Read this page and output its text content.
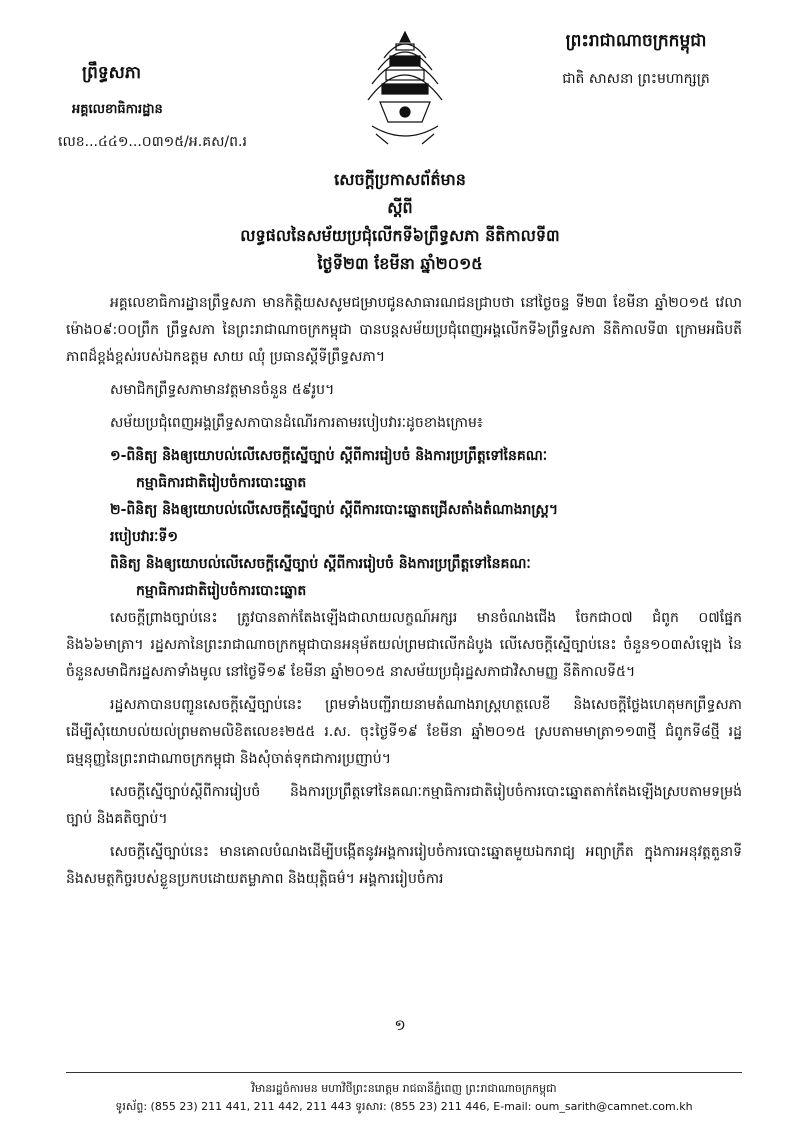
ព្រឹទ្ធសភា
អគ្គលេខាធិការដ្ឋាន
លេខ...៤៤១...០៣១៥/អ.គស/ព.រ
ព្រះរាជាណាចក្រកម្ពុជា
ជាតិ សាសនា ព្រះមហាក្សត្រ
សេចក្តីប្រកាសព័ត៌មាន
ស្តីពី
លទ្ធផលនៃសម័យប្រជុំលើកទី៦ព្រឹទ្ធសភា នីតិកាលទី៣
ថ្ងៃទី២៣ ខែមីនា ឆ្នាំ២០១៥

អគ្គលេខាធិការដ្ឋានព្រឹទ្ធសភា មានកិត្តិយសសូមជម្រាបជូនសាធារណជនជ្រាបថា នៅថ្ងៃចន្ទ ទី២៣ ខែមីនា ឆ្នាំ២០១៥ វេលាម៉ោង០៩:០០ព្រឹក ព្រឹទ្ធសភា នៃព្រះរាជាណាចក្រកម្ពុជា បានបន្តសម័យប្រជុំពេញអង្គលើកទី៦ព្រឹទ្ធសភា នីតិកាលទី៣ ក្រោមអធិបតីភាពដ៏ខ្ពង់ខ្ពស់របស់ឯកឧត្តម សាយ ឈុំ ប្រធានស្តីទីព្រឹទ្ធសភា។

សមាជិកព្រឹទ្ធសភាមានវត្តមានចំនួន ៥៩រូប។

សម័យប្រជុំពេញអង្គព្រឹទ្ធសភាបានដំណើរការតាមរបៀបវារៈដូចខាងក្រោម៖

១-ពិនិត្យ និងឲ្យយោបល់លើសេចក្តីស្នើច្បាប់ ស្តីពីការរៀបចំ និងការប្រព្រឹត្តទៅនៃគណៈ

កម្មាធិការជាតិរៀបចំការបោះឆ្នោត

២-ពិនិត្យ និងឲ្យយោបល់លើសេចក្តីស្នើច្បាប់ ស្តីពីការបោះឆ្នោតជ្រើសតាំងតំណាងរាស្ត្រ។

របៀបវារៈទី១

ពិនិត្យ និងឲ្យយោបល់លើសេចក្តីស្នើច្បាប់ ស្តីពីការរៀបចំ និងការប្រព្រឹត្តទៅនៃគណៈ

កម្មាធិការជាតិរៀបចំការបោះឆ្នោត

សេចក្តីព្រាងច្បាប់នេះ ត្រូវបានតាក់តែងឡើងជាលាយលក្ខណ៍អក្សរ មានចំណងជើង ចែកជា០៧ ជំពូក ០៧ផ្នែក និង៦៦មាត្រា។ រដ្ឋសភានៃព្រះរាជាណាចក្រកម្ពុជាបានអនុម័តយល់ព្រមជាលើកដំបូង លើសេចក្តីស្នើច្បាប់នេះ ចំនួន១០៣សំឡេង នៃចំនួនសមាជិករដ្ឋសភាទាំងមូល នៅថ្ងៃទី១៩ ខែមីនា ឆ្នាំ២០១៥ នាសម័យប្រជុំរដ្ឋសភាជាវិសាមញ្ញ នីតិកាលទី៥។

រដ្ឋសភាបានបញ្ជូនសេចក្តីស្នើច្បាប់នេះ ព្រមទាំងបញ្ជីរាយនាមតំណាងរាស្ត្រហត្ថលេខី និងសេចក្តីថ្លែងហេតុមកព្រឹទ្ធសភា ដើម្បីសុំយោបល់យល់ព្រមតាមលិខិតលេខ៖២៥៥ រ.ស. ចុះថ្ងៃទី១៩ ខែមីនា ឆ្នាំ២០១៥ ស្របតាមមាត្រា១១៣ថ្មី ជំពូកទី៨ថ្មី រដ្ឋធម្មនុញ្ញនៃព្រះរាជាណាចក្រកម្ពុជា និងសុំចាត់ទុកជាការប្រញាប់។

សេចក្តីស្នើច្បាប់ស្តីពីការរៀបចំ និងការប្រព្រឹត្តទៅនៃគណៈកម្មាធិការជាតិរៀបចំការបោះឆ្នោតតាក់តែងឡើងស្របតាមទម្រង់ច្បាប់ និងគតិច្បាប់។

សេចក្តីស្នើច្បាប់នេះ មានគោលបំណងដើម្បីបង្កើតនូវអង្គការរៀបចំការបោះឆ្នោតមួយឯករាជ្យ អព្យាក្រឹត ក្នុងការអនុវត្តតួនាទី និងសមត្ថកិច្ចរបស់ខ្លួនប្រកបដោយតម្លាភាព និងយុត្តិធម៌។ អង្គការរៀបចំការ

១
វិមានរដ្ឋចំការមន មហាវិថីព្រះនរោត្តម រាជធានីភ្នំពេញ ព្រះរាជាណាចក្រកម្ពុជា
ទូរស័ព្ទ: (855 23) 211 441, 211 442, 211 443 ទូរសារ: (855 23) 211 446, E-mail: oum_sarith@camnet.com.kh
